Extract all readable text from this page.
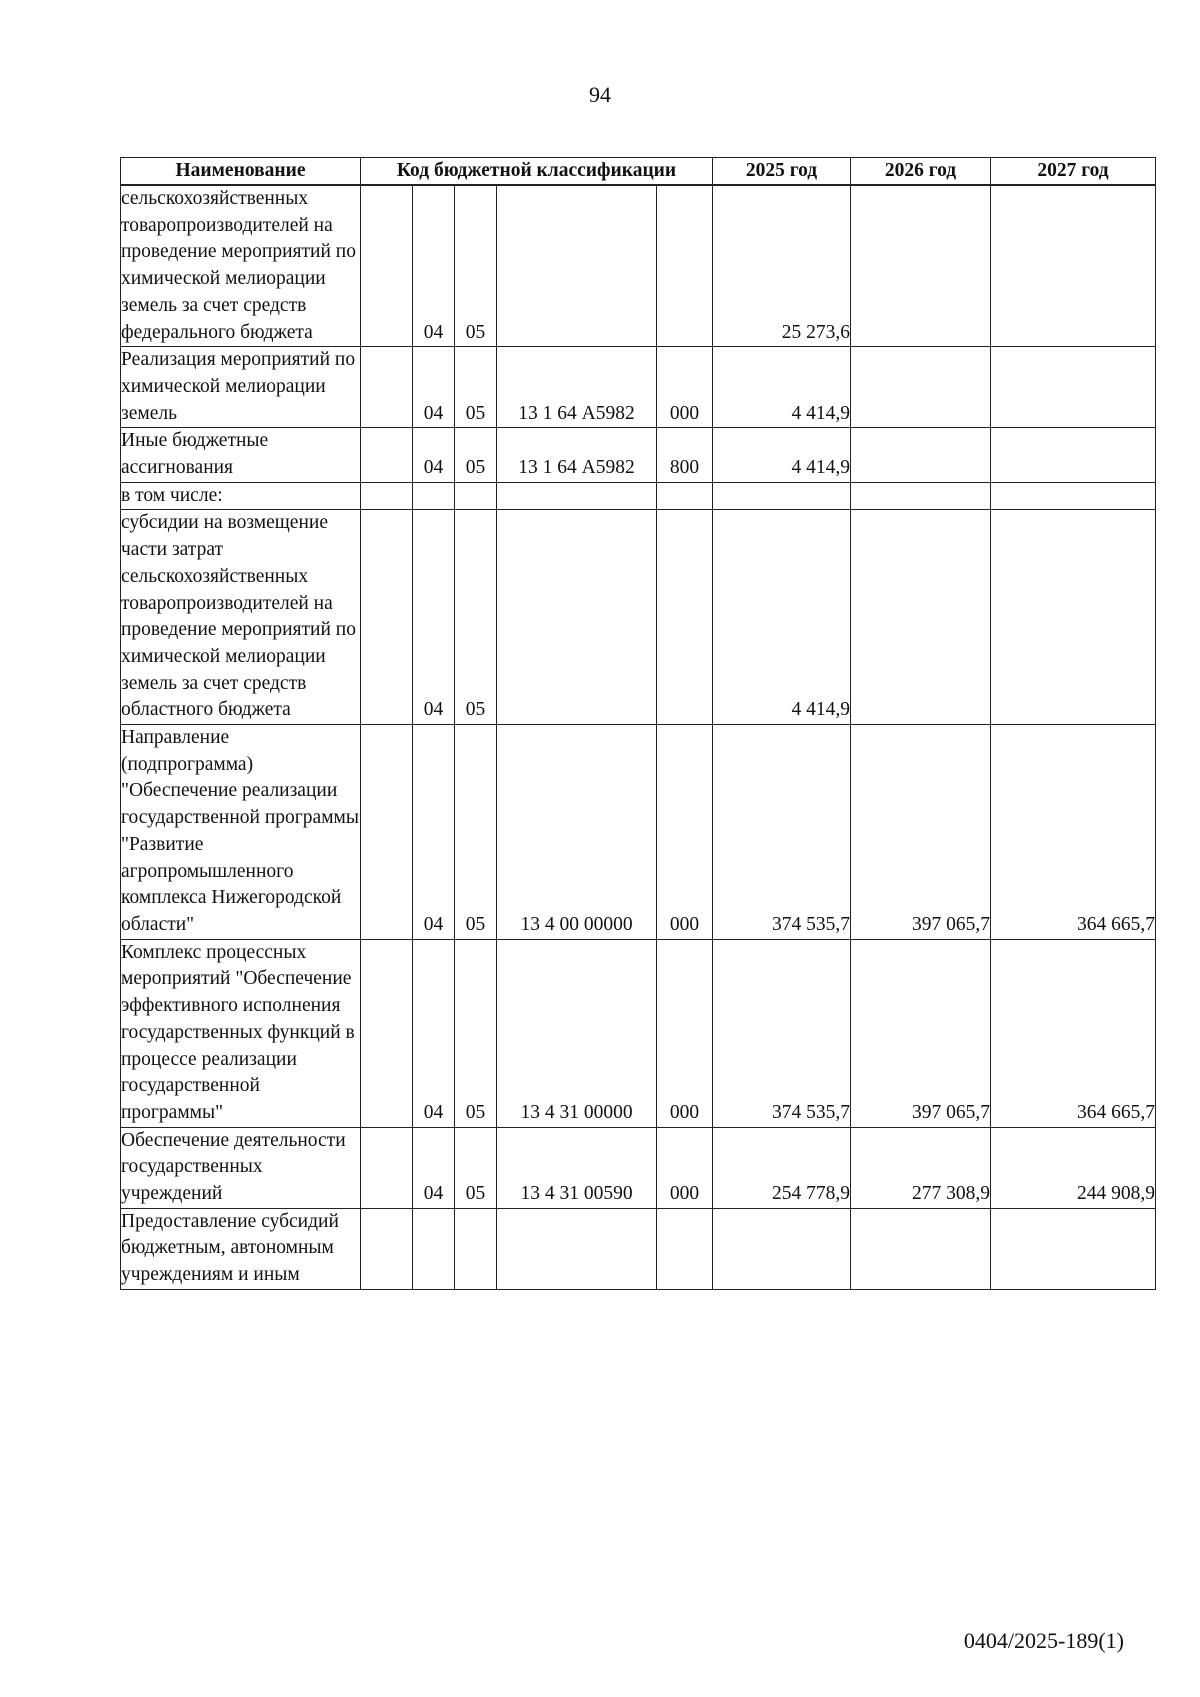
94
Наименование	Код бюджетной классификации					2025 год	2026 год	2027 год
сельскохозяйственных товаропроизводителей на проведение мероприятий по химической мелиорации земель за счет средств федерального бюджета		04	05			25 273,6		
Реализация мероприятий по химической мелиорации земель		04	05	13 1 64 А5982	000	4 414,9		
Иные бюджетные ассигнования		04	05	13 1 64 А5982	800	4 414,9		
в том числе:								
субсидии на возмещение части затрат сельскохозяйственных товаропроизводителей на проведение мероприятий по химической мелиорации земель за счет средств областного бюджета		04	05			4 414,9		
Направление (подпрограмма) "Обеспечение реализации государственной программы "Развитие агропромышленного комплекса Нижегородской области"		04	05	13 4 00 00000	000	374 535,7	397 065,7	364 665,7
Комплекс процессных мероприятий "Обеспечение эффективного исполнения государственных функций в процессе реализации государственной программы"		04	05	13 4 31 00000	000	374 535,7	397 065,7	364 665,7
Обеспечение деятельности государственных учреждений		04	05	13 4 31 00590	000	254 778,9	277 308,9	244 908,9
Предоставление субсидий бюджетным, автономным учреждениям и иным								
0404/2025-189(1)
